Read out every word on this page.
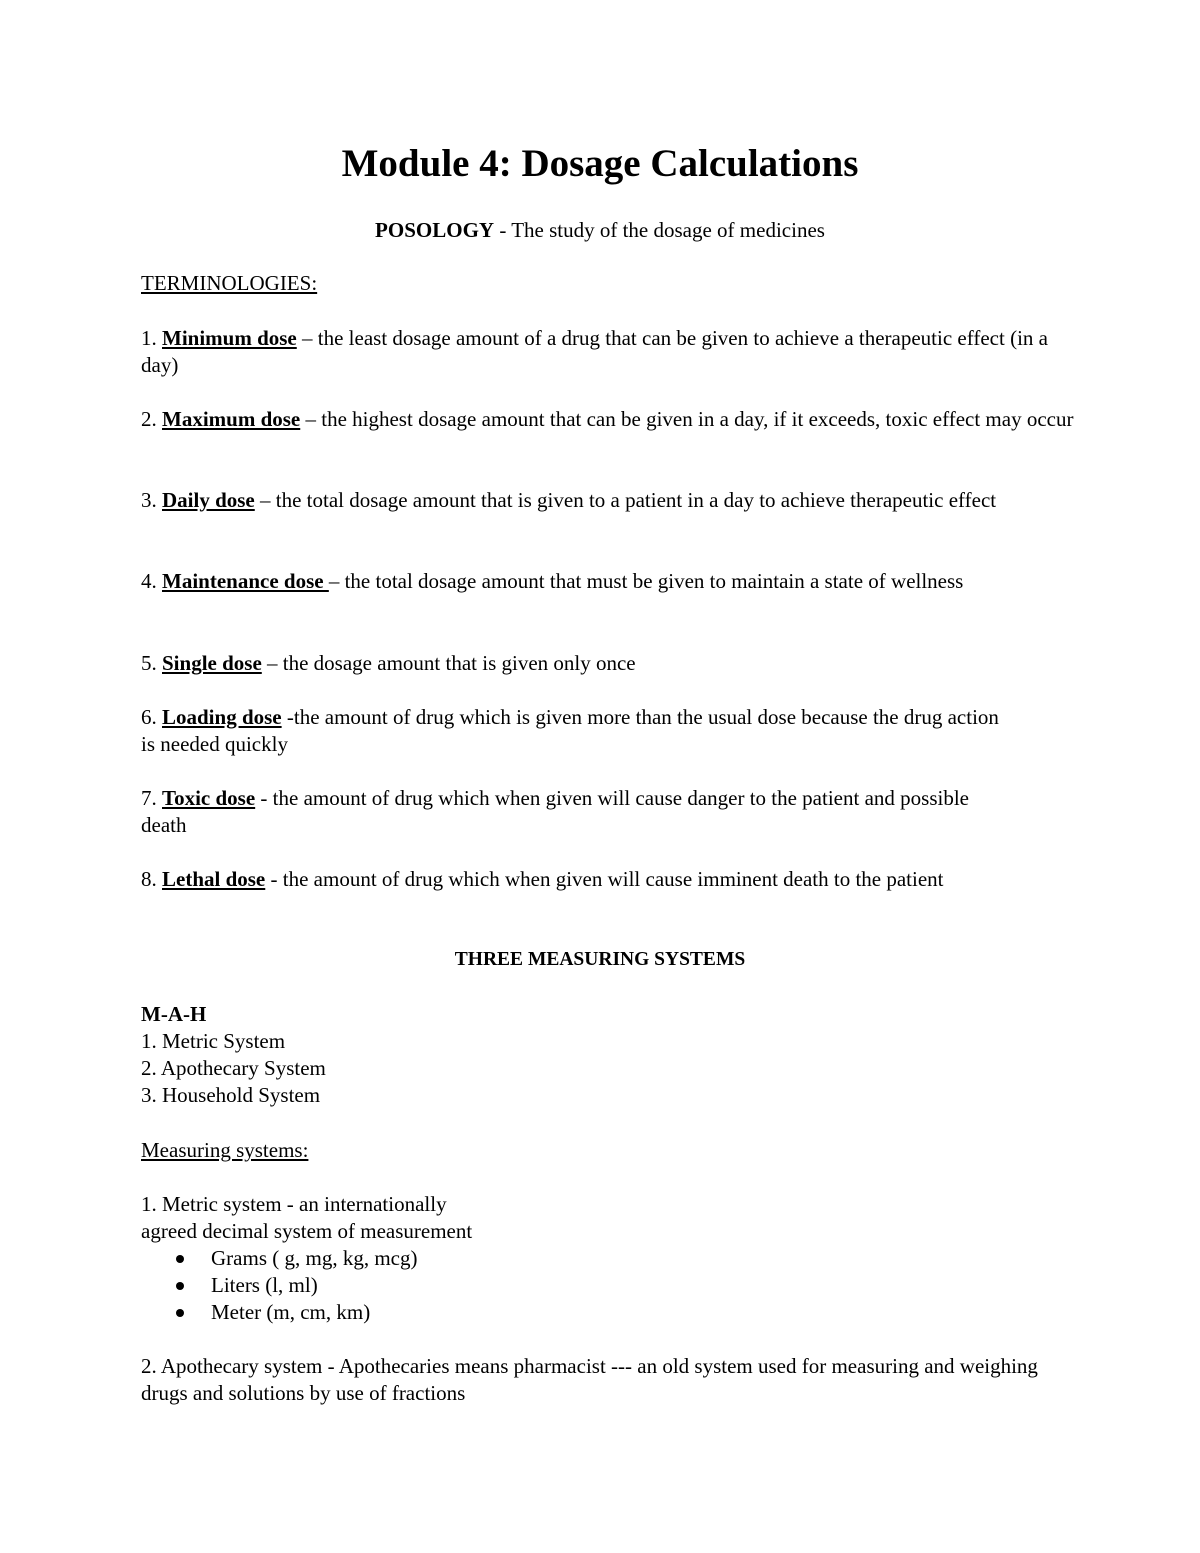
Module 4: Dosage Calculations
POSOLOGY - The study of the dosage of medicines
TERMINOLOGIES:
1. Minimum dose – the least dosage amount of a drug that can be given to achieve a therapeutic effect (in a day)
2. Maximum dose – the highest dosage amount that can be given in a day, if it exceeds, toxic effect may occur
3. Daily dose – the total dosage amount that is given to a patient in a day to achieve therapeutic effect
4. Maintenance dose – the total dosage amount that must be given to maintain a state of wellness
5. Single dose – the dosage amount that is given only once
6. Loading dose -the amount of drug which is given more than the usual dose because the drug action is needed quickly
7. Toxic dose - the amount of drug which when given will cause danger to the patient and possible death
8. Lethal dose - the amount of drug which when given will cause imminent death to the patient
THREE MEASURING SYSTEMS
M-A-H
1. Metric System
2. Apothecary System
3. Household System
Measuring systems:
1. Metric system - an internationally
agreed decimal system of measurement
Grams ( g, mg, kg, mcg)
Liters (l, ml)
Meter (m, cm, km)
2. Apothecary system - Apothecaries means pharmacist --- an old system used for measuring and weighing drugs and solutions by use of fractions
